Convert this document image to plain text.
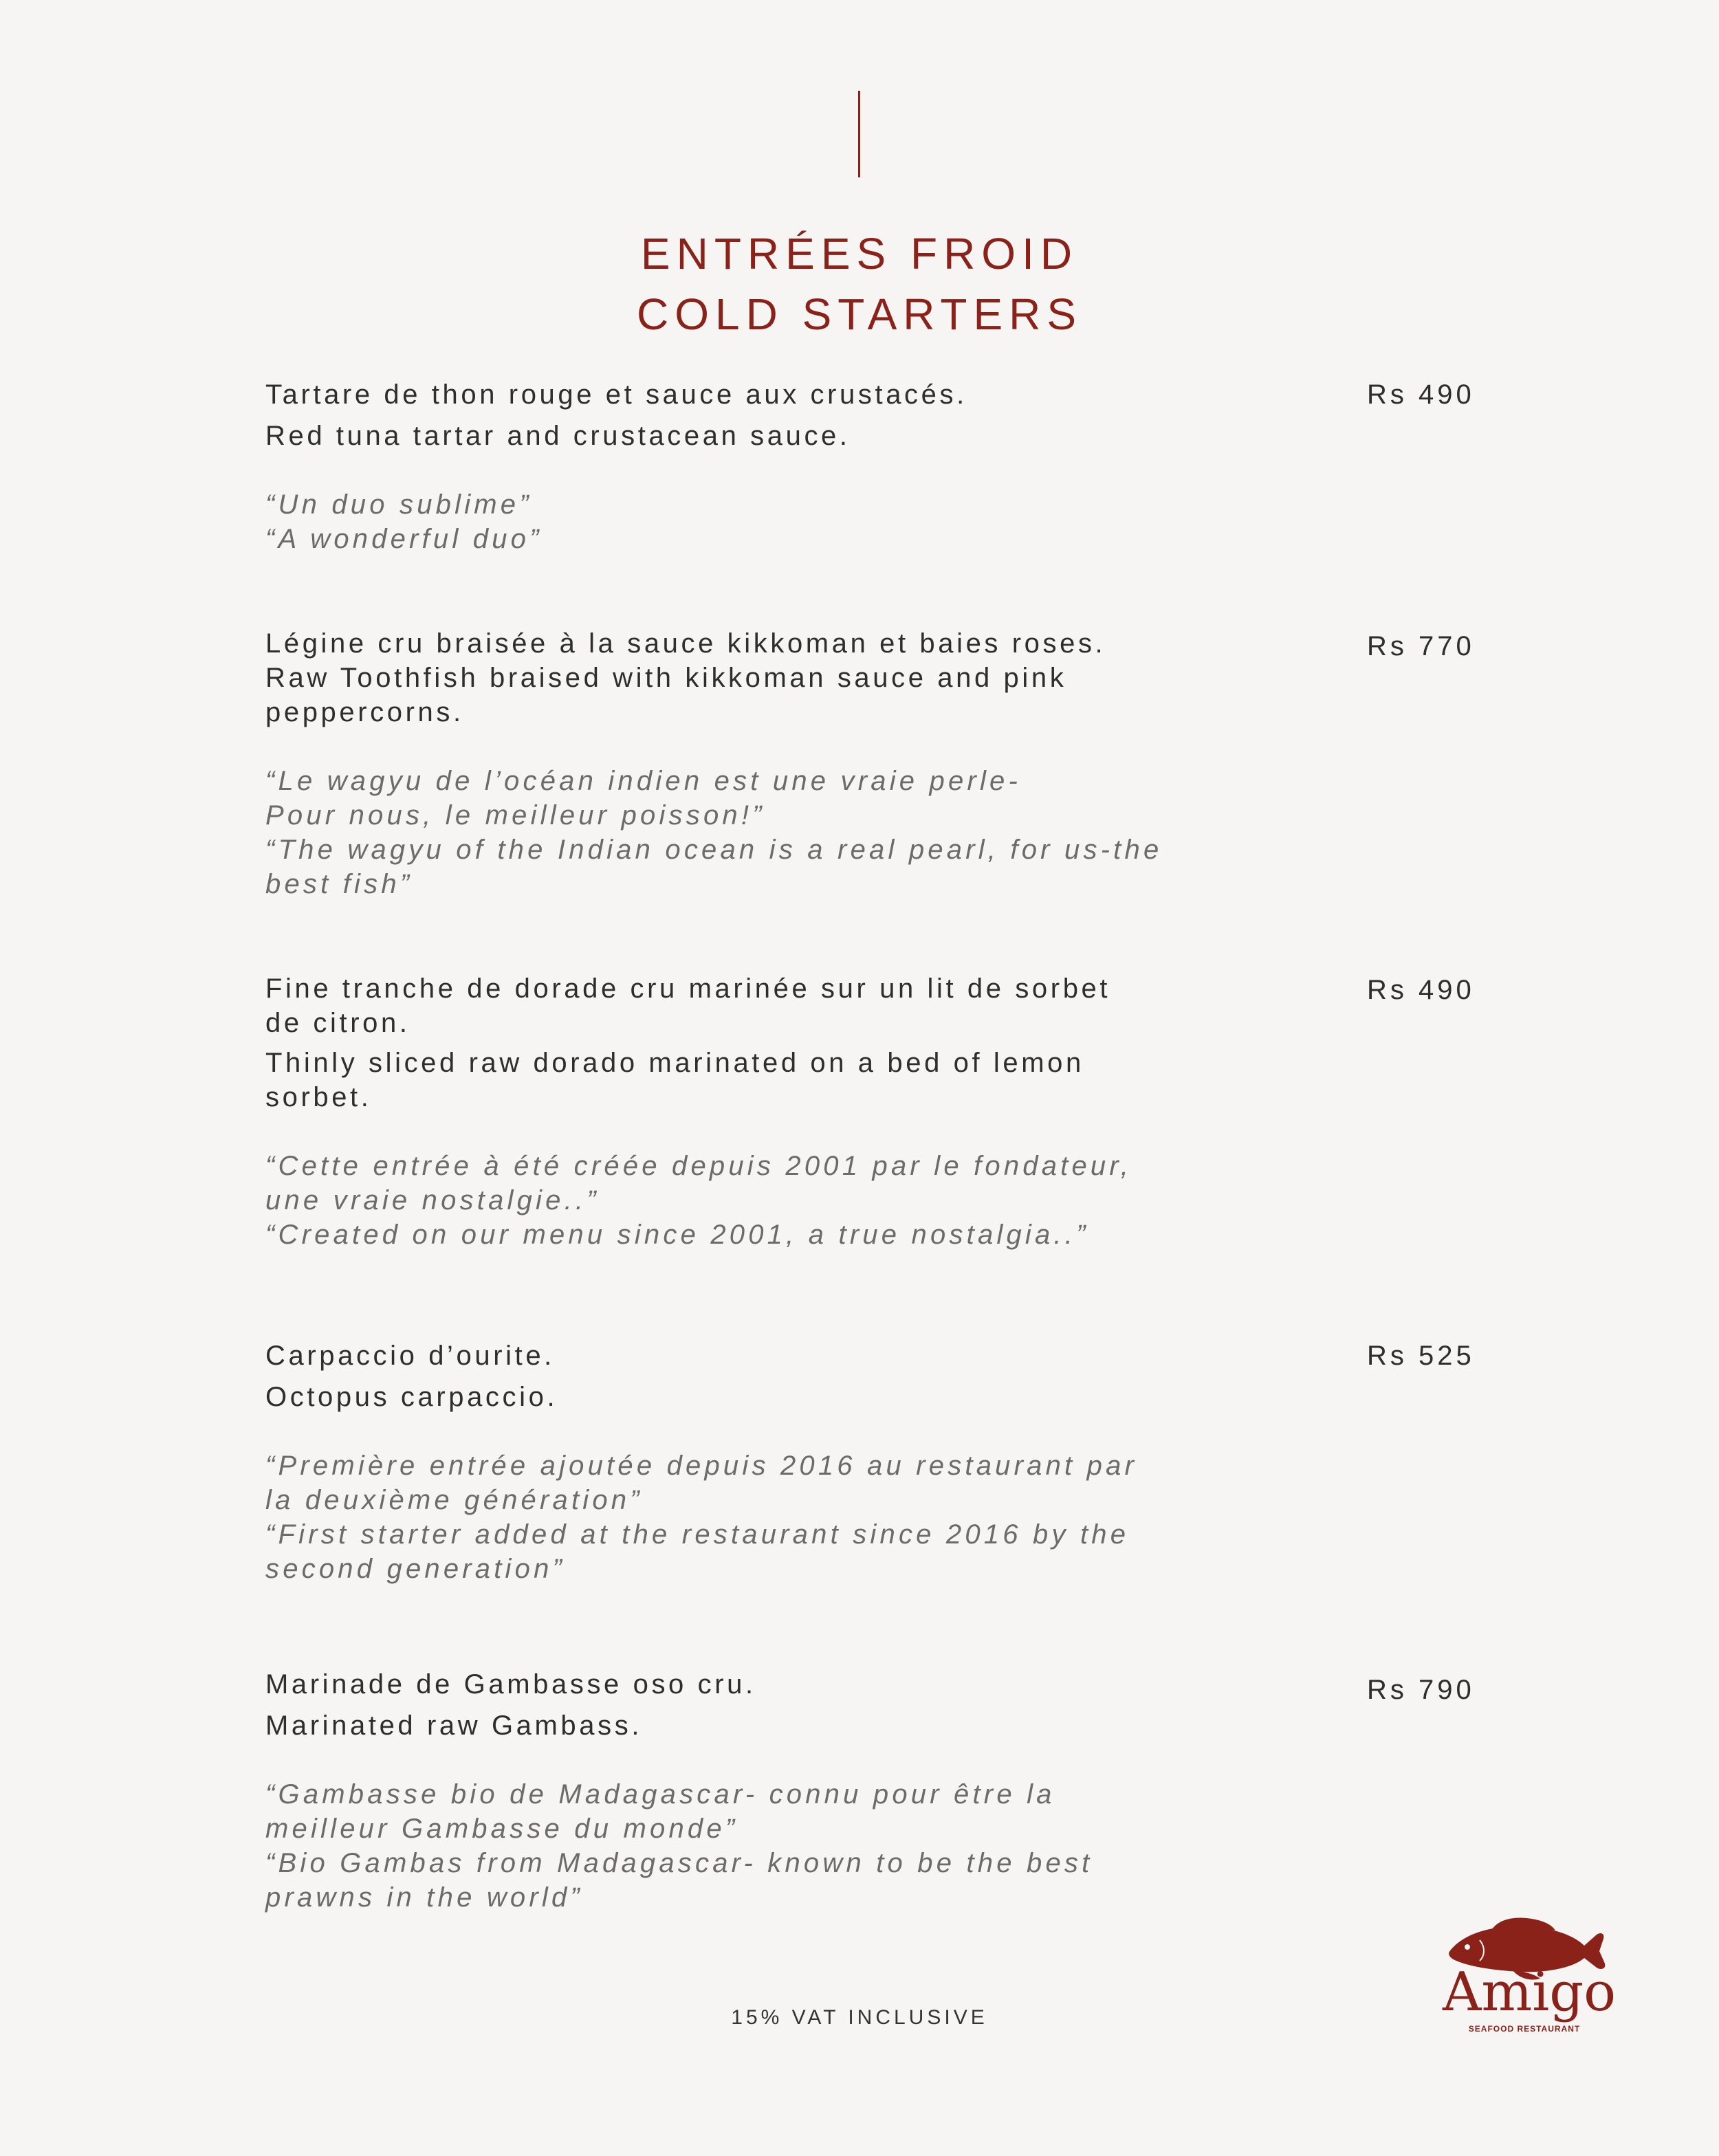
ENTRÉES FROID
COLD STARTERS
Tartare de thon rouge et sauce aux crustacés.
Red tuna tartar and crustacean sauce.
“Un duo sublime”
“A wonderful duo”
Rs 490
Légine cru braisée à la sauce kikkoman et baies roses.
Raw Toothfish braised with kikkoman sauce and pink
peppercorns.
“Le wagyu de l’océan indien est une vraie perle-
Pour nous, le meilleur poisson!”
“The wagyu of the Indian ocean is a real pearl, for us-the
best fish”
Rs 770
Fine tranche de dorade cru marinée sur un lit de sorbet
de citron.
Thinly sliced raw dorado marinated on a bed of lemon
sorbet.
“Cette entrée à été créée depuis 2001 par le fondateur,
une vraie nostalgie..”
“Created on our menu since 2001, a true nostalgia..”
Rs 490
Carpaccio d’ourite.
Octopus carpaccio.
“Première entrée ajoutée depuis 2016 au restaurant par
la deuxième génération”
“First starter added at the restaurant since 2016 by the
second generation”
Rs 525
Marinade de Gambasse oso cru.
Marinated raw Gambass.
“Gambasse bio de Madagascar- connu pour être la
meilleur Gambasse du monde”
“Bio Gambas from Madagascar- known to be the best
prawns in the world”
Rs 790
15% VAT INCLUSIVE	Amigo
SEAFOOD RESTAURANT
